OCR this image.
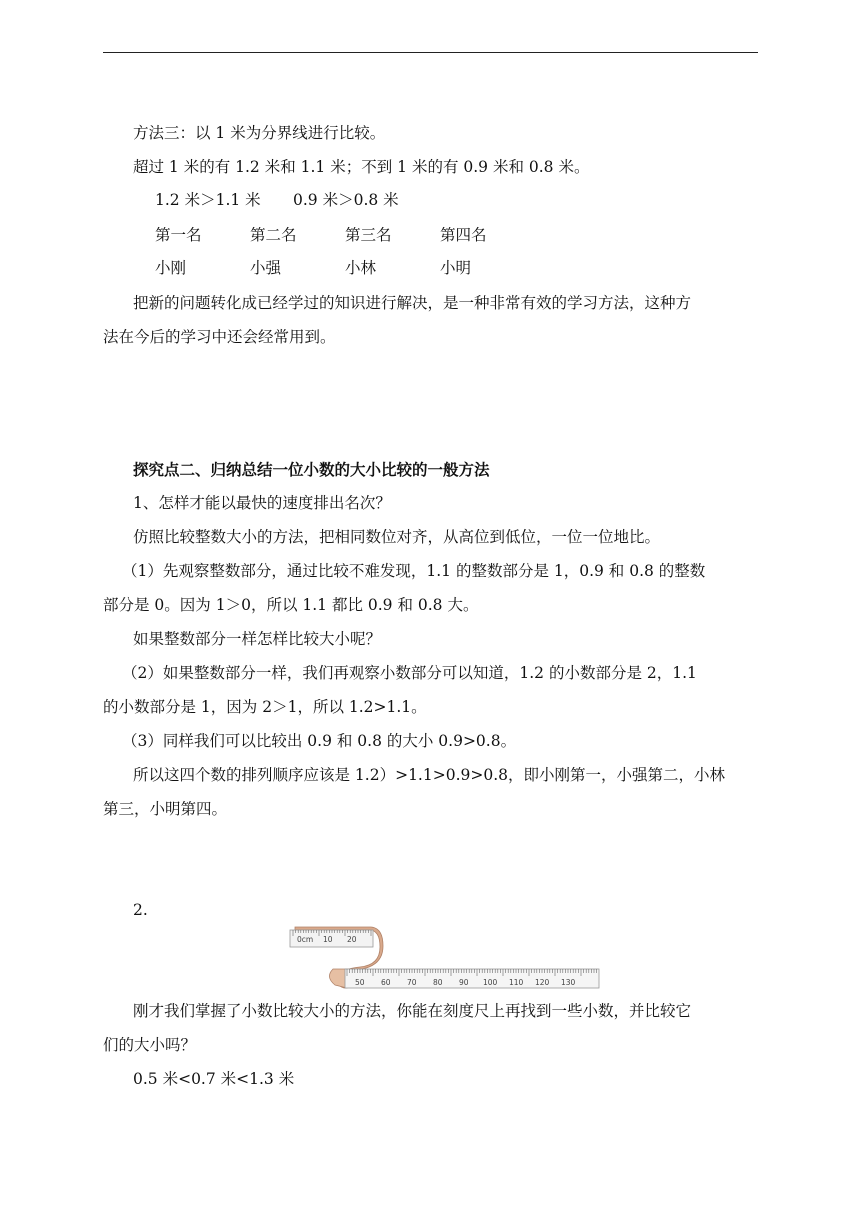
方法三：以 1 米为分界线进行比较。
超过 1 米的有 1.2 米和 1.1 米；不到 1 米的有 0.9 米和 0.8 米。
1.2 米＞1.1 米 0.9 米＞0.8 米
第一名	第二名	第三名	第四名
小刚	小强	小林	小明
把新的问题转化成已经学过的知识进行解决，是一种非常有效的学习方法，这种方
法在今后的学习中还会经常用到。
探究点二、归纳总结一位小数的大小比较的一般方法
1、怎样才能以最快的速度排出名次？
仿照比较整数大小的方法，把相同数位对齐，从高位到低位，一位一位地比。
（1）先观察整数部分，通过比较不难发现，1.1 的整数部分是 1，0.9 和 0.8 的整数
部分是 0。因为 1＞0，所以 1.1 都比 0.9 和 0.8 大。
如果整数部分一样怎样比较大小呢？
（2）如果整数部分一样，我们再观察小数部分可以知道，1.2 的小数部分是 2，1.1
的小数部分是 1，因为 2＞1，所以 1.2>1.1。
（3）同样我们可以比较出 0.9 和 0.8 的大小 0.9>0.8。
所以这四个数的排列顺序应该是 1.2）>1.1>0.9>0.8，即小刚第一，小强第二，小林
第三，小明第四。
2.
0cm 10 20
50 60 70 80 90 100 110 120 130
刚才我们掌握了小数比较大小的方法，你能在刻度尺上再找到一些小数，并比较它
们的大小吗？
0.5 米<0.7 米<1.3 米
